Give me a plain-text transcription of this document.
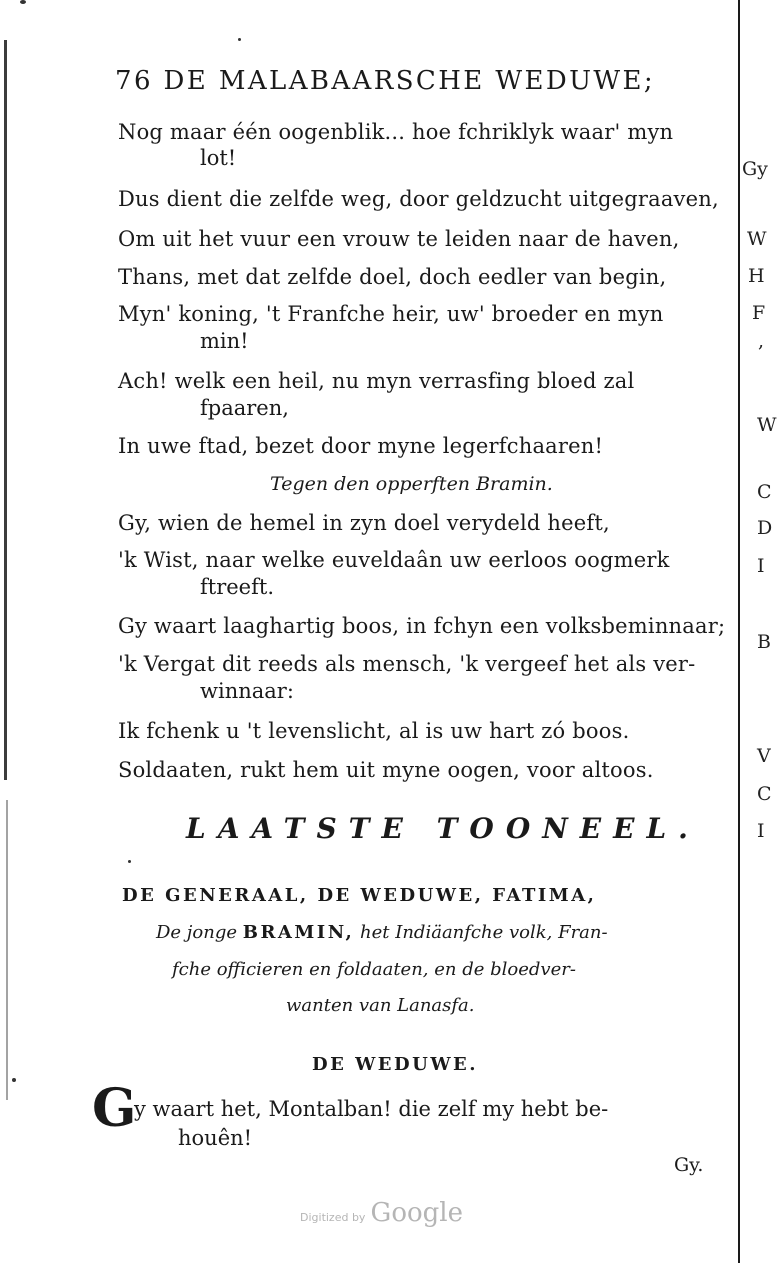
76 DE MALABAARSCHE WEDUWE;
Nog maar één oogenblik... hoe fchriklyk waar' myn
lot!
Dus dient die zelfde weg, door geldzucht uitgegraaven,
Om uit het vuur een vrouw te leiden naar de haven,
Thans, met dat zelfde doel, doch eedler van begin,
Myn' koning, 't Franfche heir, uw' broeder en myn
min!
Ach! welk een heil, nu myn verrasfing bloed zal
fpaaren,
In uwe ftad, bezet door myne legerfchaaren!
Tegen den opperften Bramin.
Gy, wien de hemel in zyn doel verydeld heeft,
'k Wist, naar welke euveldaân uw eerloos oogmerk
ftreeft.
Gy waart laaghartig boos, in fchyn een volksbeminnaar;
'k Vergat dit reeds als mensch, 'k vergeef het als ver-
winnaar:
Ik fchenk u 't levenslicht, al is uw hart zó boos.
Soldaaten, rukt hem uit myne oogen, voor altoos.
LAATSTE TOONEEL.
DE GENERAAL, DE WEDUWE, FATIMA,
De jonge BRAMIN, het Indiäanfche volk, Fran-
fche officieren en foldaaten, en de bloedver-
wanten van Lanasfa.
DE WEDUWE.
G
y waart het, Montalban! die zelf my hebt be-
houên!
Gy.
Gy
W
H
F
,
W
C
D
I
B
V
C
I
Digitized by Google
